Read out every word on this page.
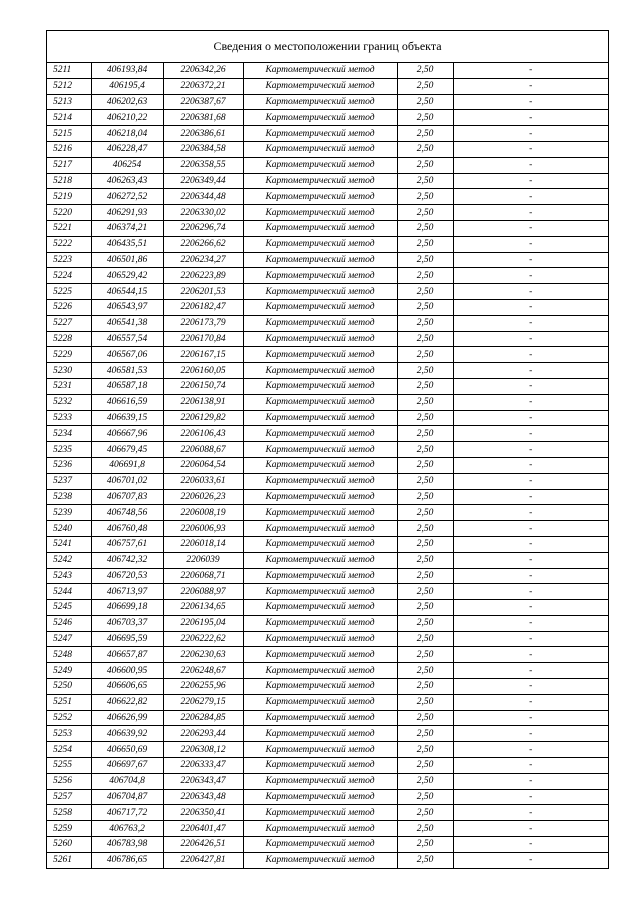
Сведения о местоположении границ объекта
5211	406193,84	2206342,26	Картометрический метод	2,50	-
5212	406195,4	2206372,21	Картометрический метод	2,50	-
5213	406202,63	2206387,67	Картометрический метод	2,50	-
5214	406210,22	2206381,68	Картометрический метод	2,50	-
5215	406218,04	2206386,61	Картометрический метод	2,50	-
5216	406228,47	2206384,58	Картометрический метод	2,50	-
5217	406254	2206358,55	Картометрический метод	2,50	-
5218	406263,43	2206349,44	Картометрический метод	2,50	-
5219	406272,52	2206344,48	Картометрический метод	2,50	-
5220	406291,93	2206330,02	Картометрический метод	2,50	-
5221	406374,21	2206296,74	Картометрический метод	2,50	-
5222	406435,51	2206266,62	Картометрический метод	2,50	-
5223	406501,86	2206234,27	Картометрический метод	2,50	-
5224	406529,42	2206223,89	Картометрический метод	2,50	-
5225	406544,15	2206201,53	Картометрический метод	2,50	-
5226	406543,97	2206182,47	Картометрический метод	2,50	-
5227	406541,38	2206173,79	Картометрический метод	2,50	-
5228	406557,54	2206170,84	Картометрический метод	2,50	-
5229	406567,06	2206167,15	Картометрический метод	2,50	-
5230	406581,53	2206160,05	Картометрический метод	2,50	-
5231	406587,18	2206150,74	Картометрический метод	2,50	-
5232	406616,59	2206138,91	Картометрический метод	2,50	-
5233	406639,15	2206129,82	Картометрический метод	2,50	-
5234	406667,96	2206106,43	Картометрический метод	2,50	-
5235	406679,45	2206088,67	Картометрический метод	2,50	-
5236	406691,8	2206064,54	Картометрический метод	2,50	-
5237	406701,02	2206033,61	Картометрический метод	2,50	-
5238	406707,83	2206026,23	Картометрический метод	2,50	-
5239	406748,56	2206008,19	Картометрический метод	2,50	-
5240	406760,48	2206006,93	Картометрический метод	2,50	-
5241	406757,61	2206018,14	Картометрический метод	2,50	-
5242	406742,32	2206039	Картометрический метод	2,50	-
5243	406720,53	2206068,71	Картометрический метод	2,50	-
5244	406713,97	2206088,97	Картометрический метод	2,50	-
5245	406699,18	2206134,65	Картометрический метод	2,50	-
5246	406703,37	2206195,04	Картометрический метод	2,50	-
5247	406695,59	2206222,62	Картометрический метод	2,50	-
5248	406657,87	2206230,63	Картометрический метод	2,50	-
5249	406600,95	2206248,67	Картометрический метод	2,50	-
5250	406606,65	2206255,96	Картометрический метод	2,50	-
5251	406622,82	2206279,15	Картометрический метод	2,50	-
5252	406626,99	2206284,85	Картометрический метод	2,50	-
5253	406639,92	2206293,44	Картометрический метод	2,50	-
5254	406650,69	2206308,12	Картометрический метод	2,50	-
5255	406697,67	2206333,47	Картометрический метод	2,50	-
5256	406704,8	2206343,47	Картометрический метод	2,50	-
5257	406704,87	2206343,48	Картометрический метод	2,50	-
5258	406717,72	2206350,41	Картометрический метод	2,50	-
5259	406763,2	2206401,47	Картометрический метод	2,50	-
5260	406783,98	2206426,51	Картометрический метод	2,50	-
5261	406786,65	2206427,81	Картометрический метод	2,50	-
